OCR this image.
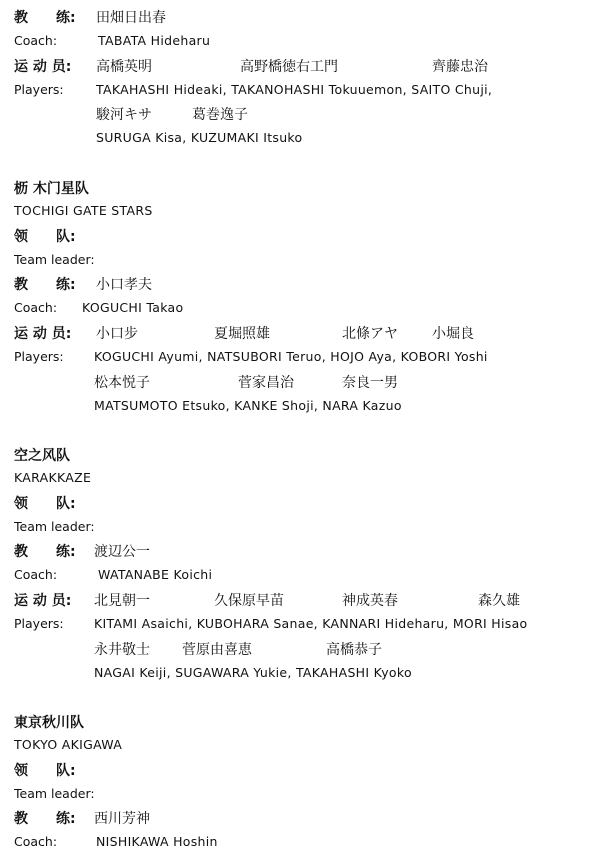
教　　练: 田畑日出春
Coach:	TABATA Hideharu
运 动 员: 高橋英明	高野橋徳右工門	齊藤忠治
Players:	TAKAHASHI Hideaki, TAKANOHASHI Tokuuemon, SAITO Chuji,
駿河キサ	葛巻逸子
SURUGA Kisa, KUZUMAKI Itsuko
枥 木门星队
TOCHIGI GATE STARS
领　　队:
Team leader:
教　　练: 小口孝夫
Coach: KOGUCHI Takao
运 动 员: 小口步	夏堀照雄	北條アヤ 小堀良
Players: KOGUCHI Ayumi, NATSUBORI Teruo, HOJO Aya, KOBORI Yoshi
松本悦子	菅家昌治	奈良一男
MATSUMOTO Etsuko, KANKE Shoji, NARA Kazuo
空之风队
KARAKKAZE
领　　队:
Team leader:
教　　练: 渡辺公一
Coach:	WATANABE Koichi
运 动 员: 北見朝一	久保原早苗	神成英春	森久雄
Players: KITAMI Asaichi, KUBOHARA Sanae, KANNARI Hideharu, MORI Hisao
永井敬士 菅原由喜恵	高橋恭子
NAGAI Keiji, SUGAWARA Yukie, TAKAHASHI Kyoko
東京秋川队
TOKYO AKIGAWA
领　　队:
Team leader:
教　　练: 西川芳神
Coach:	NISHIKAWA Hoshin
